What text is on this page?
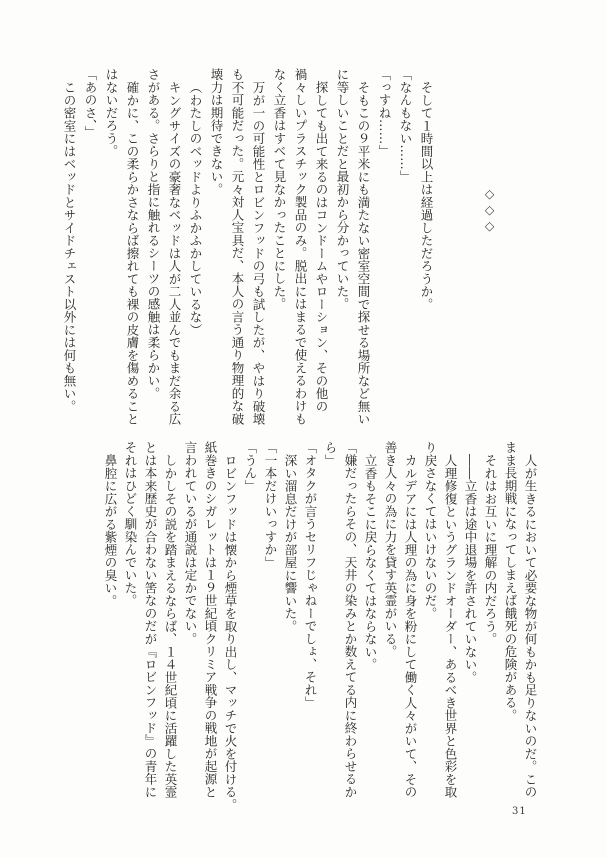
◇◇◇

そして１時間以上は経過しただろうか。

「なんもない……」

「っすね……」

そもこの９平米にも満たない密室空間で探せる場所など無い

に等しいことだと最初から分かっていた。

探しても出て来るのはコンドームやローション、その他の

禍々しいプラスチック製品のみ。脱出にはまるで使えるわけも

なく立香はすべて見なかったことにした。

万が一の可能性とロビンフッドの弓も試したが、やはり破壊

も不可能だった。元々対人宝具だ、本人の言う通り物理的な破

壊力は期待できない。

（わたしのベッドよりふかふかしているな）

キングサイズの豪奢なベッドは人が二人並んでもまだ余る広

さがある。さらりと指に触れるシーツの感触は柔らかい。

確かに、この柔らかさならば擦れても裸の皮膚を傷めること

はないだろう。

「あのさ、」

この密室にはベッドとサイドチェスト以外には何も無い。

人が生きるにおいて必要な物が何もかも足りないのだ。この

まま長期戦になってしまえば餓死の危険がある。

それはお互いに理解の内だろう。

――立香は途中退場を許されていない。

人理修復というグランドオーダー、あるべき世界と色彩を取

り戻さなくてはいけないのだ。

カルデアには人理の為に身を粉にして働く人々がいて、その

善き人々の為に力を貸す英霊がいる。

立香もそこに戻らなくてはならない。

「嫌だったらその、天井の染みとか数えてる内に終わらせるか

ら」

「オタクが言うセリフじゃねーでしょ、それ」

深い溜息だけが部屋に響いた。

「一本だけいっすか」

「うん」

ロビンフッドは懐から煙草を取り出し、マッチで火を付ける。

紙巻きのシガレットは１９世紀頃クリミア戦争の戦地が起源と

言われているが通説は定かでない。

しかしその説を踏まえるならば、１４世紀頃に活躍した英霊

とは本来歴史が合わない筈なのだが『ロビンフッド』の青年に

それはひどく馴染んでいた。

鼻腔に広がる紫煙の臭い。

31
